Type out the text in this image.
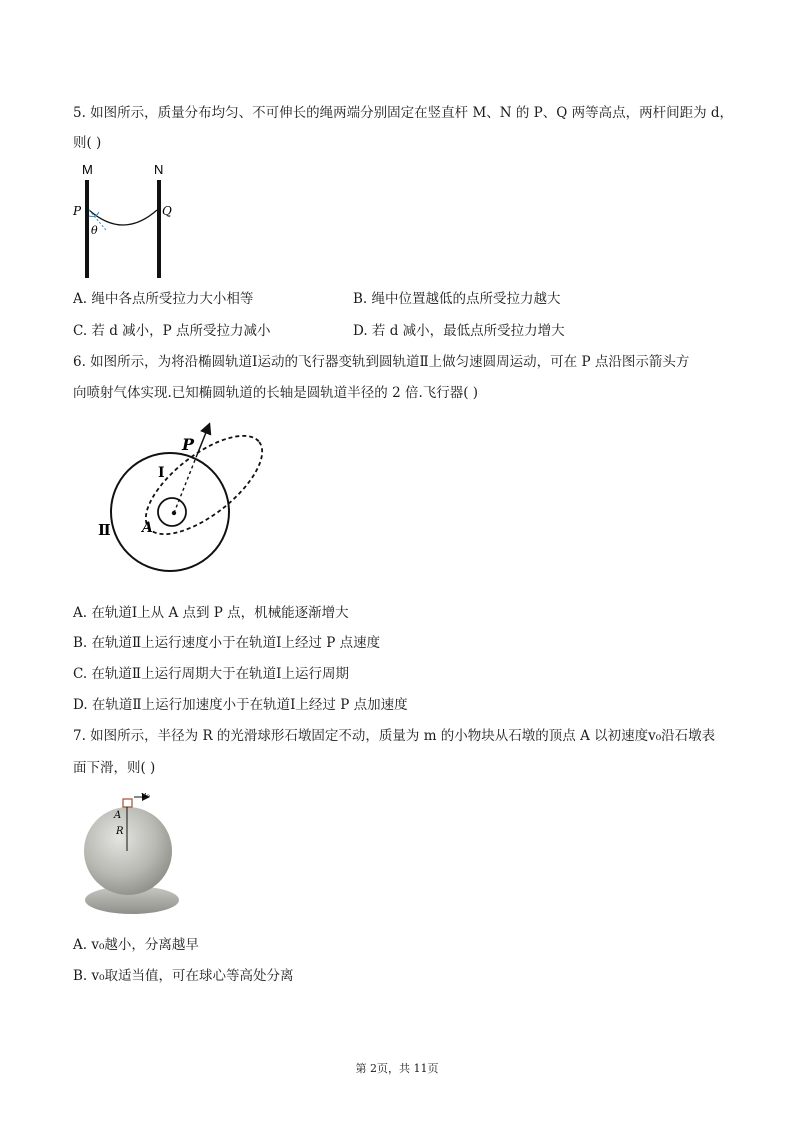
5. 如图所示，质量分布均匀、不可伸长的绳两端分别固定在竖直杆 M、N 的 P、Q 两等高点，两杆间距为 d，
则( )
M	N
P	Q
θ
A. 绳中各点所受拉力大小相等	B. 绳中位置越低的点所受拉力越大
C. 若 d 减小，P 点所受拉力减小	D. 若 d 减小，最低点所受拉力增大
6. 如图所示，为将沿椭圆轨道Ⅰ运动的飞行器变轨到圆轨道Ⅱ上做匀速圆周运动，可在 P 点沿图示箭头方
向喷射气体实现.已知椭圆轨道的长轴是圆轨道半径的 2 倍.飞行器( )
P
Ⅰ
A
Ⅱ
A. 在轨道Ⅰ上从 A 点到 P 点，机械能逐渐增大
B. 在轨道Ⅱ上运行速度小于在轨道Ⅰ上经过 P 点速度
C. 在轨道Ⅱ上运行周期大于在轨道Ⅰ上运行周期
D. 在轨道Ⅱ上运行加速度小于在轨道Ⅰ上经过 P 点加速度
7. 如图所示，半径为 R 的光滑球形石墩固定不动，质量为 m 的小物块从石墩的顶点 A 以初速度v₀沿石墩表
面下滑，则( )
v₀
A
R
A. v₀越小，分离越早
B. v₀取适当值，可在球心等高处分离
第 2页，共 11页
